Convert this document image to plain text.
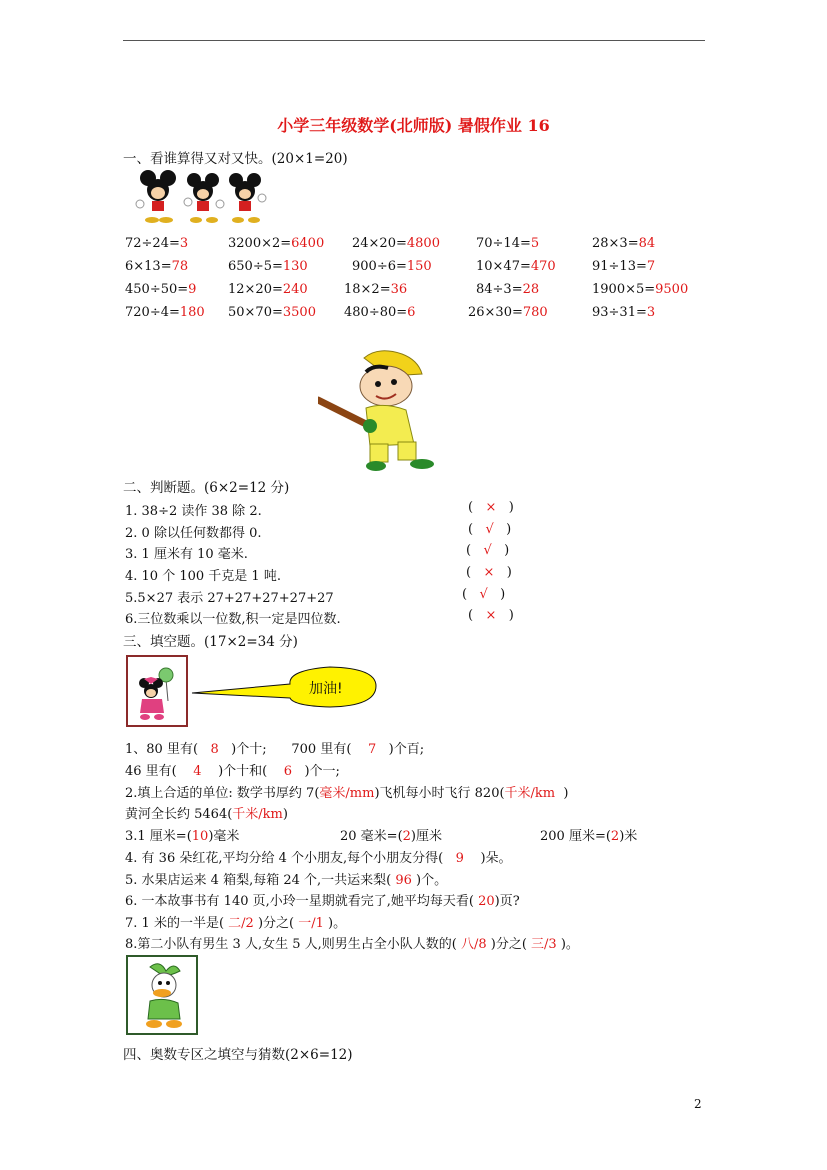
小学三年级数学(北师版) 暑假作业 16
一、看谁算得又对又快。(20×1=20)
72÷24=3	3200×2=6400 24×20=4800	70÷14=5	28×3=84
6×13=78	650÷5=130	900÷6=150	10×47=470	91÷13=7
450÷50=9 12×20=240	18×2=36	84÷3=28	1900×5=9500
720÷4=180 50×70=3500 480÷80=6	26×30=780	93÷31=3
二、判断题。(6×2=12 分)
1. 38÷2 读作 38 除 2.	(   ×   )
2. 0 除以任何数都得 0.	(   √   )
3. 1 厘米有 10 毫米.	(   √   )
4. 10 个 100 千克是 1 吨.	(   ×   )
5.5×27 表示 27+27+27+27+27	(   √   )
6.三位数乘以一位数,积一定是四位数.	(   ×   )
三、填空题。(17×2=34 分)
加油!
1、80 里有( 8 )个十; 700 里有( 7 )个百;
46 里有( 4 )个十和( 6 )个一;
2.填上合适的单位: 数学书厚约 7(毫米/mm)飞机每小时飞行 820(千米/km )
黄河全长约 5464(千米/km)
3.1 厘米=(10)毫米	20 毫米=(2)厘米	200 厘米=(2)米
4. 有 36 朵红花,平均分给 4 个小朋友,每个小朋友分得( 9 )朵。
5. 水果店运来 4 箱梨,每箱 24 个,一共运来梨( 96 )个。
6. 一本故事书有 140 页,小玲一星期就看完了,她平均每天看( 20)页?
7. 1 米的一半是( 二/2 )分之( 一/1 )。
8.第二小队有男生 3 人,女生 5 人,则男生占全小队人数的( 八/8 )分之( 三/3 )。
四、奥数专区之填空与猜数(2×6=12)
2
